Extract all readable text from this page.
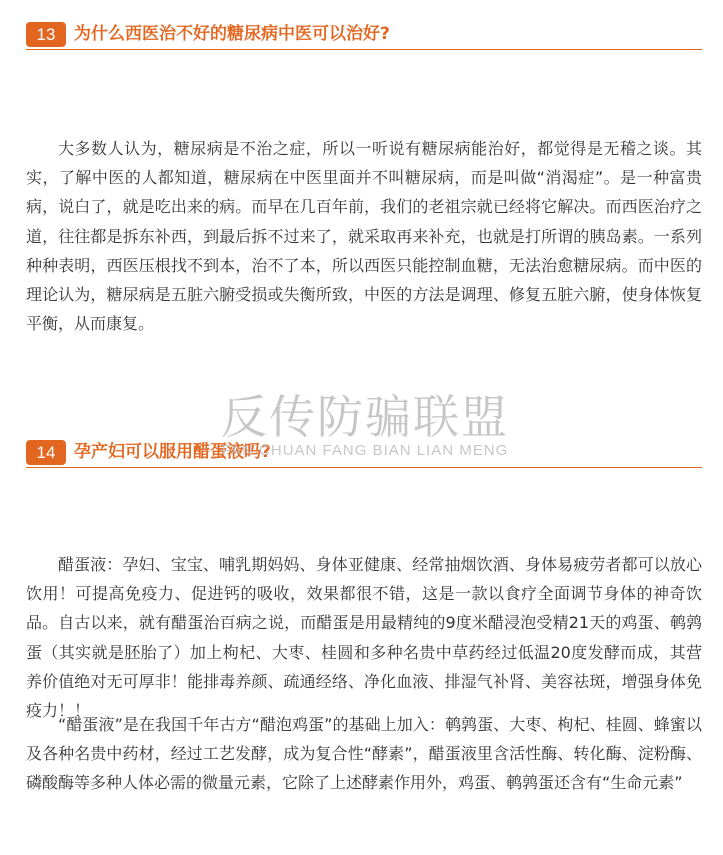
13	为什么西医治不好的糖尿病中医可以治好?

大多数人认为，糖尿病是不治之症，所以一听说有糖尿病能治好，都觉得是无稽之谈。其实，了解中医的人都知道，糖尿病在中医里面并不叫糖尿病，而是叫做“消渴症”。是一种富贵病，说白了，就是吃出来的病。而早在几百年前，我们的老祖宗就已经将它解决。而西医治疗之道，往往都是拆东补西，到最后拆不过来了，就采取再来补充，也就是打所谓的胰岛素。一系列种种表明，西医压根找不到本，治不了本，所以西医只能控制血糖，无法治愈糖尿病。而中医的理论认为，糖尿病是五脏六腑受损或失衡所致，中医的方法是调理、修复五脏六腑，使身体恢复平衡，从而康复。

14	孕产妇可以服用醋蛋液吗?

醋蛋液：孕妇、宝宝、哺乳期妈妈、身体亚健康、经常抽烟饮酒、身体易疲劳者都可以放心饮用！可提高免疫力、促进钙的吸收，效果都很不错，这是一款以食疗全面调节身体的神奇饮品。自古以来，就有醋蛋治百病之说，而醋蛋是用最精纯的9度米醋浸泡受精21天的鸡蛋、鹌鹑蛋（其实就是胚胎了）加上枸杞、大枣、桂圆和多种名贵中草药经过低温20度发酵而成，其营养价值绝对无可厚非！能排毒养颜、疏通经络、净化血液、排湿气补肾、美容祛斑，增强身体免疫力！！

“醋蛋液”是在我国千年古方“醋泡鸡蛋”的基础上加入：鹌鹑蛋、大枣、枸杞、桂圆、蜂蜜以及各种名贵中药材，经过工艺发酵，成为复合性“酵素”，醋蛋液里含活性酶、转化酶、淀粉酶、磷酸酶等多种人体必需的微量元素，它除了上述酵素作用外，鸡蛋、鹌鹑蛋还含有“生命元素”

反传防骗联盟
FAN CHUAN FANG BIAN LIAN MENG
